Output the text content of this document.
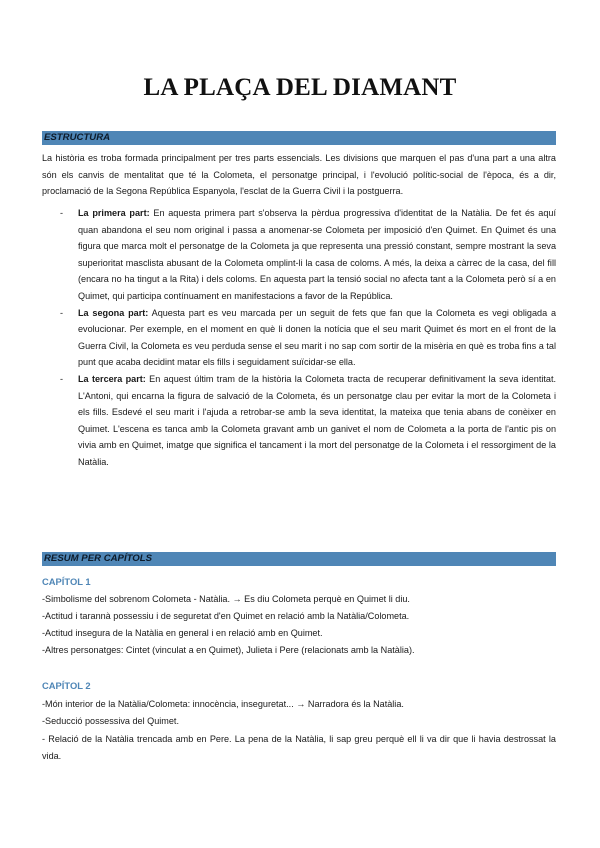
LA PLAÇA DEL DIAMANT
ESTRUCTURA

La història es troba formada principalment per tres parts essencials. Les divisions que marquen el pas d'una part a una altra són els canvis de mentalitat que té la Colometa, el personatge principal, i l'evolució polític-social de l'època, és a dir, proclamació de la Segona República Espanyola, l'esclat de la Guerra Civil i la postguerra.

- La primera part: En aquesta primera part s'observa la pèrdua progressiva d'identitat de la Natàlia. De fet és aquí quan abandona el seu nom original i passa a anomenar-se Colometa per imposició d'en Quimet. En Quimet és una figura que marca molt el personatge de la Colometa ja que representa una pressió constant, sempre mostrant la seva superioritat masclista abusant de la Colometa omplint-li la casa de coloms. A més, la deixa a càrrec de la casa, del fill (encara no ha tingut a la Rita) i dels coloms. En aquesta part la tensió social no afecta tant a la Colometa però sí a en Quimet, qui participa contínuament en manifestacions a favor de la República.
- La segona part: Aquesta part es veu marcada per un seguit de fets que fan que la Colometa es vegi obligada a evolucionar. Per exemple, en el moment en què li donen la notícia que el seu marit Quimet és mort en el front de la Guerra Civil, la Colometa es veu perduda sense el seu marit i no sap com sortir de la misèria en què es troba fins a tal punt que acaba decidint matar els fills i seguidament suïcidar-se ella.
- La tercera part: En aquest últim tram de la història la Colometa tracta de recuperar definitivament la seva identitat. L'Antoni, qui encarna la figura de salvació de la Colometa, és un personatge clau per evitar la mort de la Colometa i els fills. Esdevé el seu marit i l'ajuda a retrobar-se amb la seva identitat, la mateixa que tenia abans de conèixer en Quimet. L'escena es tanca amb la Colometa gravant amb un ganivet el nom de Colometa a la porta de l'antic pis on vivia amb en Quimet, imatge que significa el tancament i la mort del personatge de la Colometa i el ressorgiment de la Natàlia.
RESUM PER CAPÍTOLS
CAPÍTOL 1

-Simbolisme del sobrenom Colometa - Natàlia. → Es diu Colometa perquè en Quimet li diu.

-Actitud i tarannà possessiu i de seguretat d'en Quimet en relació amb la Natàlia/Colometa.

-Actitud insegura de la Natàlia en general i en relació amb en Quimet.

-Altres personatges: Cintet (vinculat a en Quimet), Julieta i Pere (relacionats amb la Natàlia).

CAPÍTOL 2

-Món interior de la Natàlia/Colometa: innocència, inseguretat... → Narradora és la Natàlia.

-Seducció possessiva del Quimet.

- Relació de la Natàlia trencada amb en Pere. La pena de la Natàlia, li sap greu perquè ell li va dir que li havia destrossat la vida.
